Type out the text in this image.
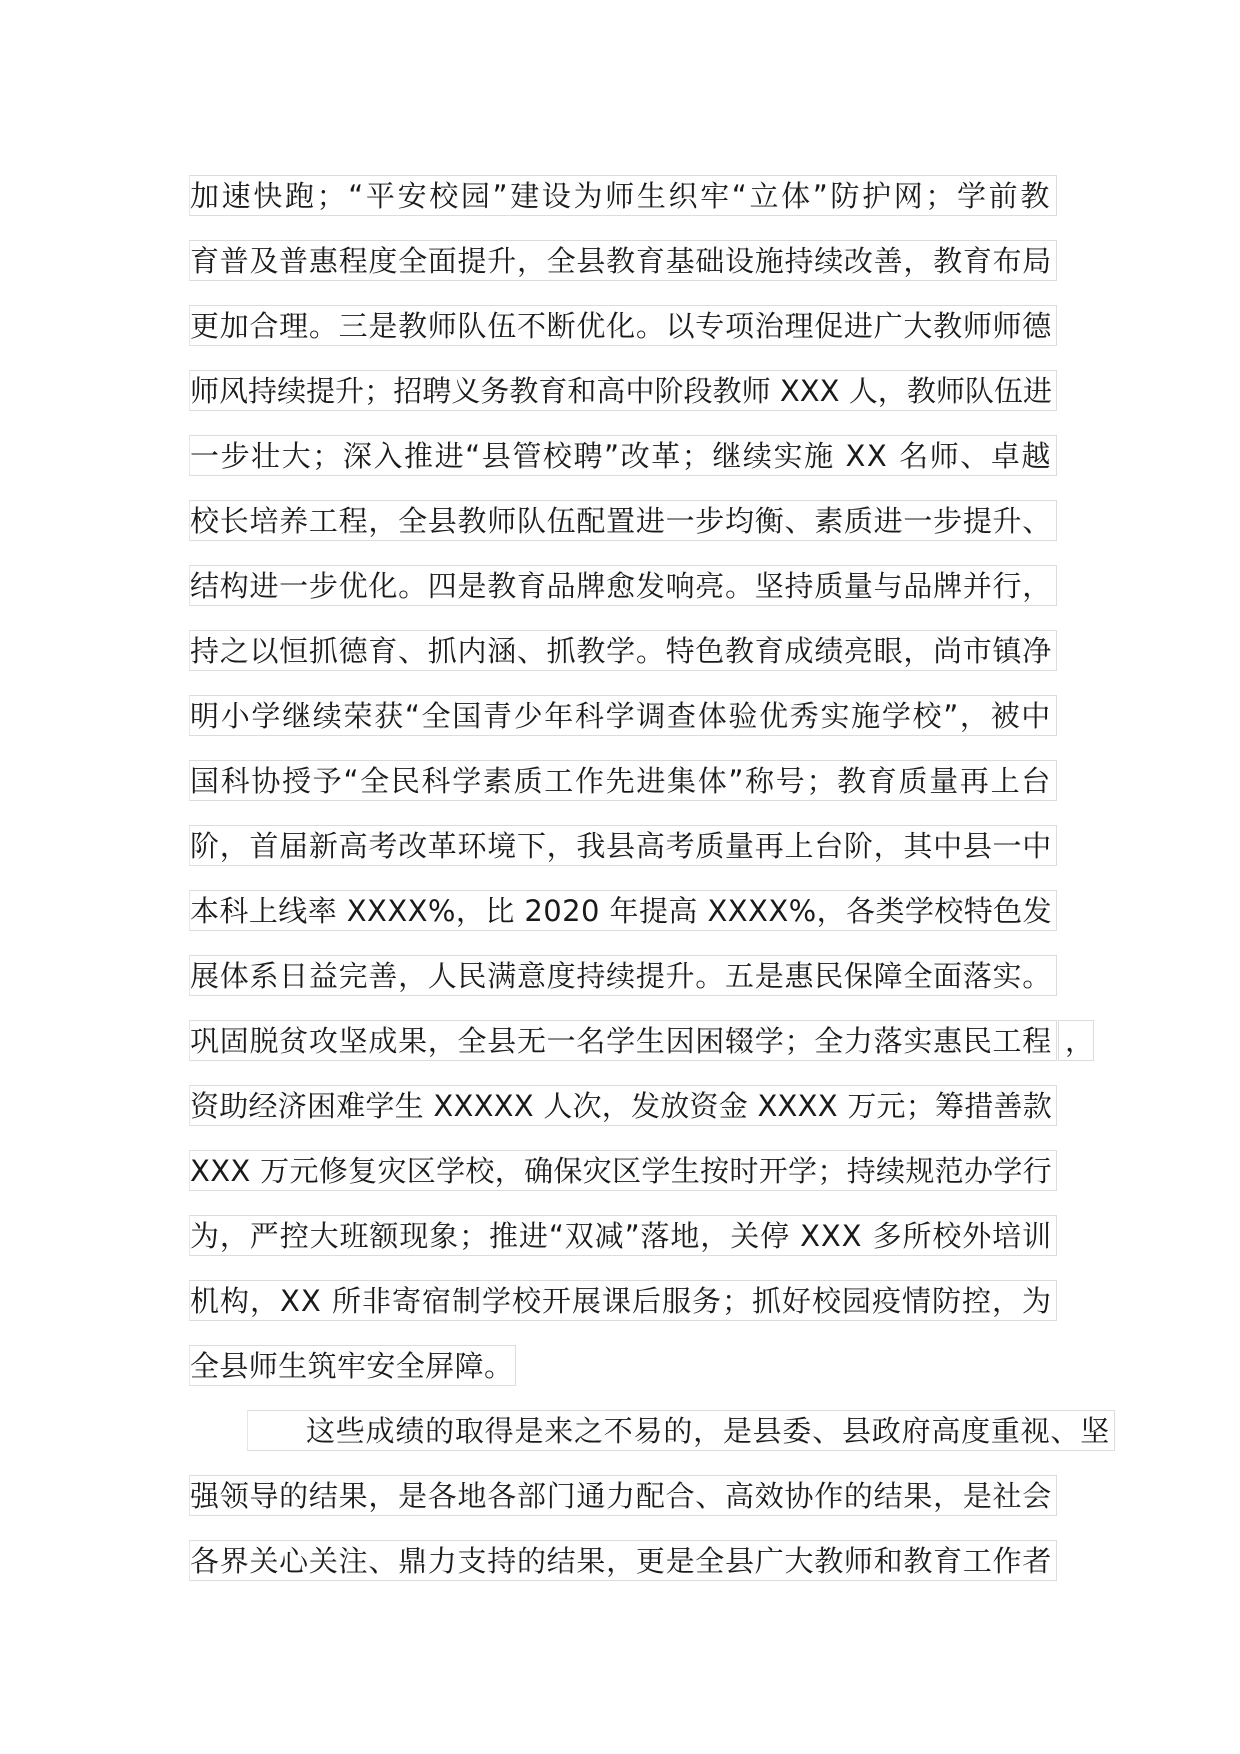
加速快跑；“平安校园”建设为师生织牢“立体”防护网；学前教
育普及普惠程度全面提升，全县教育基础设施持续改善，教育布局
更加合理。三是教师队伍不断优化。以专项治理促进广大教师师德
师风持续提升；招聘义务教育和高中阶段教师 XXX 人，教师队伍进
一步壮大；深入推进“县管校聘”改革；继续实施 XX 名师、卓越
校长培养工程，全县教师队伍配置进一步均衡、素质进一步提升、
结构进一步优化。四是教育品牌愈发响亮。坚持质量与品牌并行，
持之以恒抓德育、抓内涵、抓教学。特色教育成绩亮眼，尚市镇净
明小学继续荣获“全国青少年科学调查体验优秀实施学校”，被中
国科协授予“全民科学素质工作先进集体”称号；教育质量再上台
阶，首届新高考改革环境下，我县高考质量再上台阶，其中县一中
本科上线率 XXXX%，比 2020 年提高 XXXX%，各类学校特色发
展体系日益完善，人民满意度持续提升。五是惠民保障全面落实。
巩固脱贫攻坚成果，全县无一名学生因困辍学；全力落实惠民工程 ，
资助经济困难学生 XXXXX 人次，发放资金 XXXX 万元；筹措善款
XXX 万元修复灾区学校，确保灾区学生按时开学；持续规范办学行
为，严控大班额现象；推进“双减”落地，关停 XXX 多所校外培训
机构，XX 所非寄宿制学校开展课后服务；抓好校园疫情防控，为
全县师生筑牢安全屏障。
这些成绩的取得是来之不易的，是县委、县政府高度重视、坚
强领导的结果，是各地各部门通力配合、高效协作的结果，是社会
各界关心关注、鼎力支持的结果，更是全县广大教师和教育工作者
